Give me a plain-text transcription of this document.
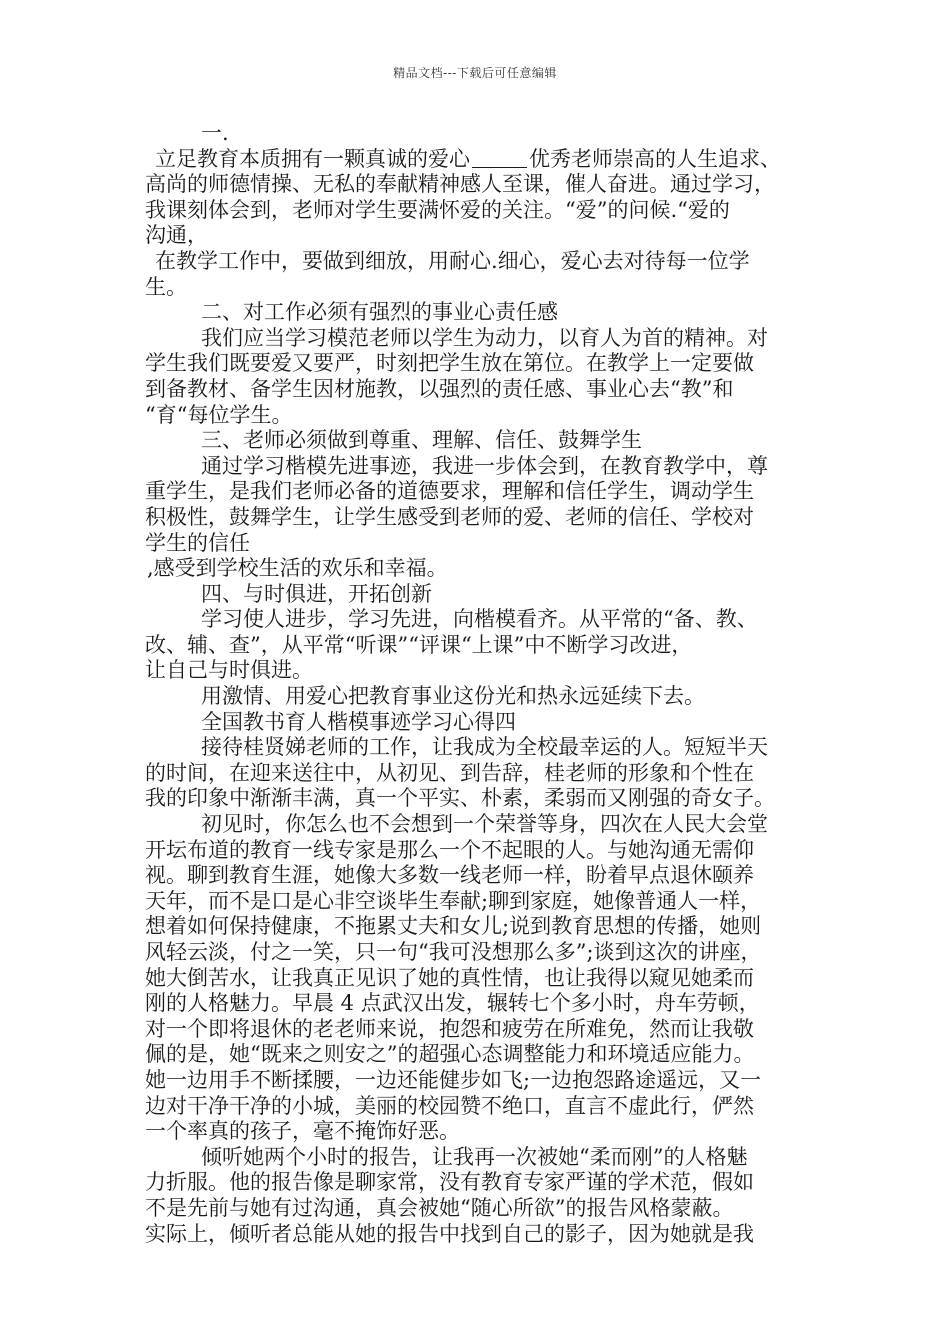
精品文档---下载后可任意编辑
一.
立足教育本质拥有一颗真诚的爱心	优秀老师崇高的人生追求、
高尚的师德情操、无私的奉献精神感人至课，催人奋进。通过学习，
我课刻体会到，老师对学生要满怀爱的关注。“爱”的问候.“爱的
沟通，
在教学工作中，要做到细放，用耐心.细心，爱心去对待每一位学
生。
二、对工作必须有强烈的事业心责任感
我们应当学习模范老师以学生为动力，以育人为首的精神。对
学生我们既要爱又要严，时刻把学生放在第位。在教学上一定要做
到备教材、备学生因材施教，以强烈的责任感、事业心去“教”和
“育“每位学生。
三、老师必须做到尊重、理解、信任、鼓舞学生
通过学习楷模先进事迹，我进一步体会到，在教育教学中，尊
重学生，是我们老师必备的道德要求，理解和信任学生，调动学生
积极性，鼓舞学生，让学生感受到老师的爱、老师的信任、学校对
学生的信任
,感受到学校生活的欢乐和幸福。
四、与时俱进，开拓创新
学习使人进步，学习先进，向楷模看齐。从平常的“备、教、
改、辅、查”，从平常“听课”“评课“上课”中不断学习改进，
让自己与时俱进。
用激情、用爱心把教育事业这份光和热永远延续下去。
全国教书育人楷模事迹学习心得四
接待桂贤娣老师的工作，让我成为全校最幸运的人。短短半天
的时间，在迎来送往中，从初见、到告辞，桂老师的形象和个性在
我的印象中渐渐丰满，真一个平实、朴素，柔弱而又刚强的奇女子。
初见时，你怎么也不会想到一个荣誉等身，四次在人民大会堂
开坛布道的教育一线专家是那么一个不起眼的人。与她沟通无需仰
视。聊到教育生涯，她像大多数一线老师一样，盼着早点退休颐养
天年，而不是口是心非空谈毕生奉献;聊到家庭，她像普通人一样，
想着如何保持健康，不拖累丈夫和女儿;说到教育思想的传播，她则
风轻云淡，付之一笑，只一句“我可没想那么多”;谈到这次的讲座，
她大倒苦水，让我真正见识了她的真性情，也让我得以窥见她柔而
刚的人格魅力。早晨 4 点武汉出发，辗转七个多小时，舟车劳顿，
对一个即将退休的老老师来说，抱怨和疲劳在所难免，然而让我敬
佩的是，她“既来之则安之”的超强心态调整能力和环境适应能力。
她一边用手不断揉腰，一边还能健步如飞;一边抱怨路途遥远，又一
边对干净干净的小城，美丽的校园赞不绝口，直言不虚此行，俨然
一个率真的孩子，毫不掩饰好恶。
倾听她两个小时的报告，让我再一次被她“柔而刚”的人格魅
力折服。他的报告像是聊家常，没有教育专家严谨的学术范，假如
不是先前与她有过沟通，真会被她“随心所欲”的报告风格蒙蔽。
实际上，倾听者总能从她的报告中找到自己的影子，因为她就是我
